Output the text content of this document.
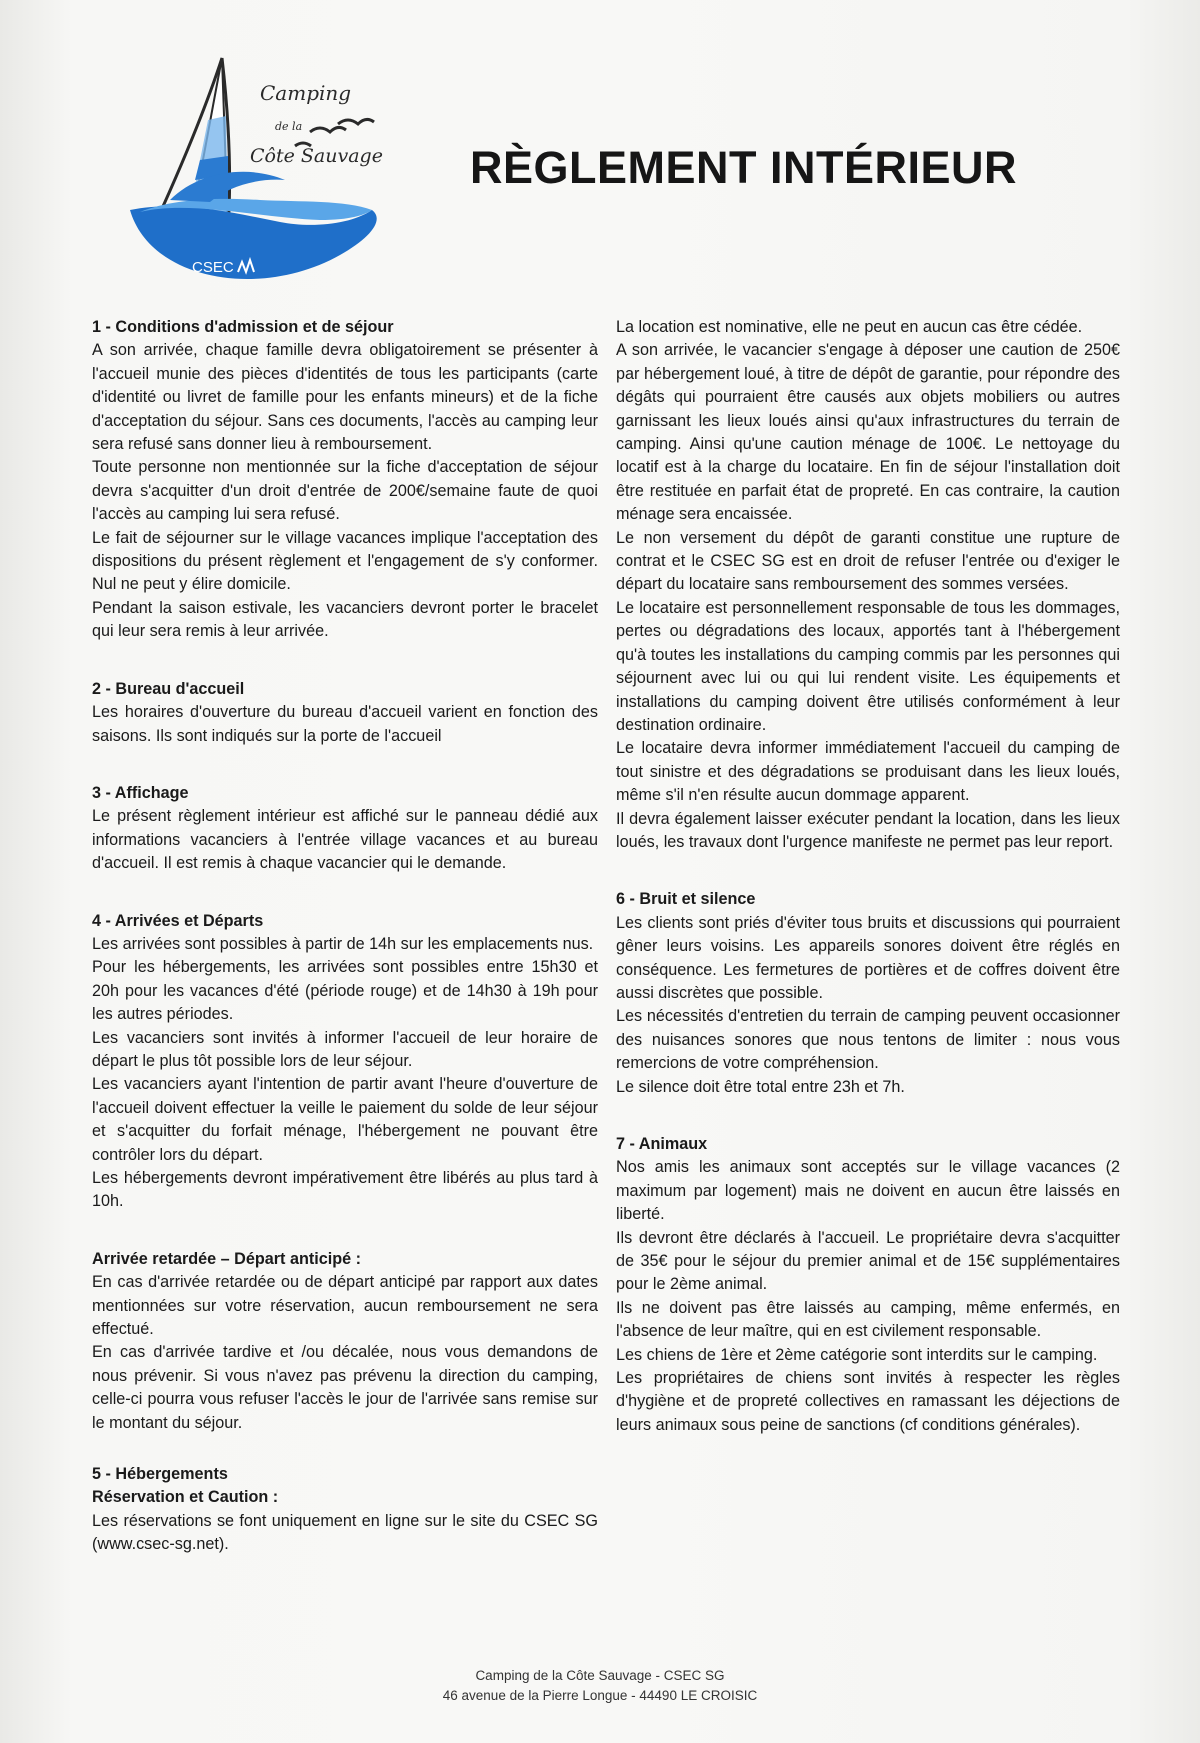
CSEC
Camping
de la
Côte Sauvage RÈGLEMENT INTÉRIEUR

1 - Conditions d'admission et de séjour

A son arrivée, chaque famille devra obligatoirement se présenter à l'accueil munie des pièces d'identités de tous les participants (carte d'identité ou livret de famille pour les enfants mineurs) et de la fiche d'acceptation du séjour. Sans ces documents, l'accès au camping leur sera refusé sans donner lieu à remboursement.

Toute personne non mentionnée sur la fiche d'acceptation de séjour devra s'acquitter d'un droit d'entrée de 200€/semaine faute de quoi l'accès au camping lui sera refusé.

Le fait de séjourner sur le village vacances implique l'acceptation des dispositions du présent règlement et l'engagement de s'y conformer. Nul ne peut y élire domicile.

Pendant la saison estivale, les vacanciers devront porter le bracelet qui leur sera remis à leur arrivée.

2 - Bureau d'accueil

Les horaires d'ouverture du bureau d'accueil varient en fonction des saisons. Ils sont indiqués sur la porte de l'accueil

3 - Affichage

Le présent règlement intérieur est affiché sur le panneau dédié aux informations vacanciers à l'entrée village vacances et au bureau d'accueil. Il est remis à chaque vacancier qui le demande.

4 - Arrivées et Départs

Les arrivées sont possibles à partir de 14h sur les emplacements nus.

Pour les hébergements, les arrivées sont possibles entre 15h30 et 20h pour les vacances d'été (période rouge) et de 14h30 à 19h pour les autres périodes.

Les vacanciers sont invités à informer l'accueil de leur horaire de départ le plus tôt possible lors de leur séjour.

Les vacanciers ayant l'intention de partir avant l'heure d'ouverture de l'accueil doivent effectuer la veille le paiement du solde de leur séjour et s'acquitter du forfait ménage, l'hébergement ne pouvant être contrôler lors du départ.

Les hébergements devront impérativement être libérés au plus tard à 10h.

Arrivée retardée – Départ anticipé :

En cas d'arrivée retardée ou de départ anticipé par rapport aux dates mentionnées sur votre réservation, aucun remboursement ne sera effectué.

En cas d'arrivée tardive et /ou décalée, nous vous demandons de nous prévenir. Si vous n'avez pas prévenu la direction du camping, celle-ci pourra vous refuser l'accès le jour de l'arrivée sans remise sur le montant du séjour.

5 - Hébergements

Réservation et Caution :

Les réservations se font uniquement en ligne sur le site du CSEC SG (www.csec-sg.net).

La location est nominative, elle ne peut en aucun cas être cédée.

A son arrivée, le vacancier s'engage à déposer une caution de 250€ par hébergement loué, à titre de dépôt de garantie, pour répondre des dégâts qui pourraient être causés aux objets mobiliers ou autres garnissant les lieux loués ainsi qu'aux infrastructures du terrain de camping. Ainsi qu'une caution ménage de 100€. Le nettoyage du locatif est à la charge du locataire. En fin de séjour l'installation doit être restituée en parfait état de propreté. En cas contraire, la caution ménage sera encaissée.

Le non versement du dépôt de garanti constitue une rupture de contrat et le CSEC SG est en droit de refuser l'entrée ou d'exiger le départ du locataire sans remboursement des sommes versées.

Le locataire est personnellement responsable de tous les dommages, pertes ou dégradations des locaux, apportés tant à l'hébergement qu'à toutes les installations du camping commis par les personnes qui séjournent avec lui ou qui lui rendent visite. Les équipements et installations du camping doivent être utilisés conformément à leur destination ordinaire.

Le locataire devra informer immédiatement l'accueil du camping de tout sinistre et des dégradations se produisant dans les lieux loués, même s'il n'en résulte aucun dommage apparent.

Il devra également laisser exécuter pendant la location, dans les lieux loués, les travaux dont l'urgence manifeste ne permet pas leur report.

6 - Bruit et silence

Les clients sont priés d'éviter tous bruits et discussions qui pourraient gêner leurs voisins. Les appareils sonores doivent être réglés en conséquence. Les fermetures de portières et de coffres doivent être aussi discrètes que possible.

Les nécessités d'entretien du terrain de camping peuvent occasionner des nuisances sonores que nous tentons de limiter : nous vous remercions de votre compréhension.

Le silence doit être total entre 23h et 7h.

7 - Animaux

Nos amis les animaux sont acceptés sur le village vacances (2 maximum par logement) mais ne doivent en aucun être laissés en liberté.

Ils devront être déclarés à l'accueil. Le propriétaire devra s'acquitter de 35€ pour le séjour du premier animal et de 15€ supplémentaires pour le 2ème animal.

Ils ne doivent pas être laissés au camping, même enfermés, en l'absence de leur maître, qui en est civilement responsable.

Les chiens de 1ère et 2ème catégorie sont interdits sur le camping.

Les propriétaires de chiens sont invités à respecter les règles d'hygiène et de propreté collectives en ramassant les déjections de leurs animaux sous peine de sanctions (cf conditions générales).

Camping de la Côte Sauvage - CSEC SG
46 avenue de la Pierre Longue - 44490 LE CROISIC
